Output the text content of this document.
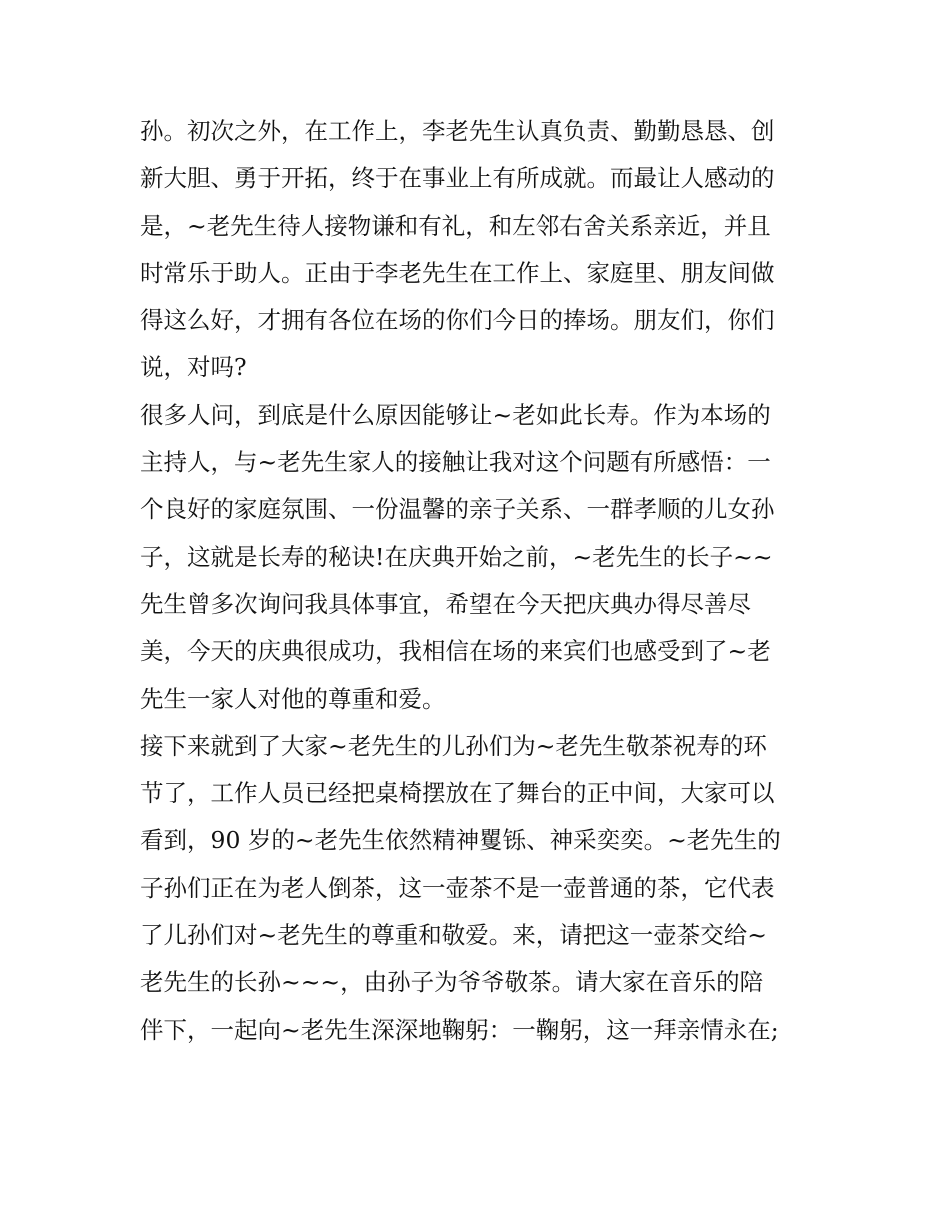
孙。初次之外，在工作上，李老先生认真负责、勤勤恳恳、创
新大胆、勇于开拓，终于在事业上有所成就。而最让人感动的
是，~老先生待人接物谦和有礼，和左邻右舍关系亲近，并且
时常乐于助人。正由于李老先生在工作上、家庭里、朋友间做
得这么好，才拥有各位在场的你们今日的捧场。朋友们，你们
说，对吗?
很多人问，到底是什么原因能够让~老如此长寿。作为本场的
主持人，与~老先生家人的接触让我对这个问题有所感悟：一
个良好的家庭氛围、一份温馨的亲子关系、一群孝顺的儿女孙
子，这就是长寿的秘诀!在庆典开始之前，~老先生的长子~~
先生曾多次询问我具体事宜，希望在今天把庆典办得尽善尽
美，今天的庆典很成功，我相信在场的来宾们也感受到了~老
先生一家人对他的尊重和爱。
接下来就到了大家~老先生的儿孙们为~老先生敬茶祝寿的环
节了，工作人员已经把桌椅摆放在了舞台的正中间，大家可以
看到，90 岁的~老先生依然精神矍铄、神采奕奕。~老先生的
子孙们正在为老人倒茶，这一壶茶不是一壶普通的茶，它代表
了儿孙们对~老先生的尊重和敬爱。来，请把这一壶茶交给~
老先生的长孙~~~，由孙子为爷爷敬茶。请大家在音乐的陪
伴下，一起向~老先生深深地鞠躬：一鞠躬，这一拜亲情永在;
